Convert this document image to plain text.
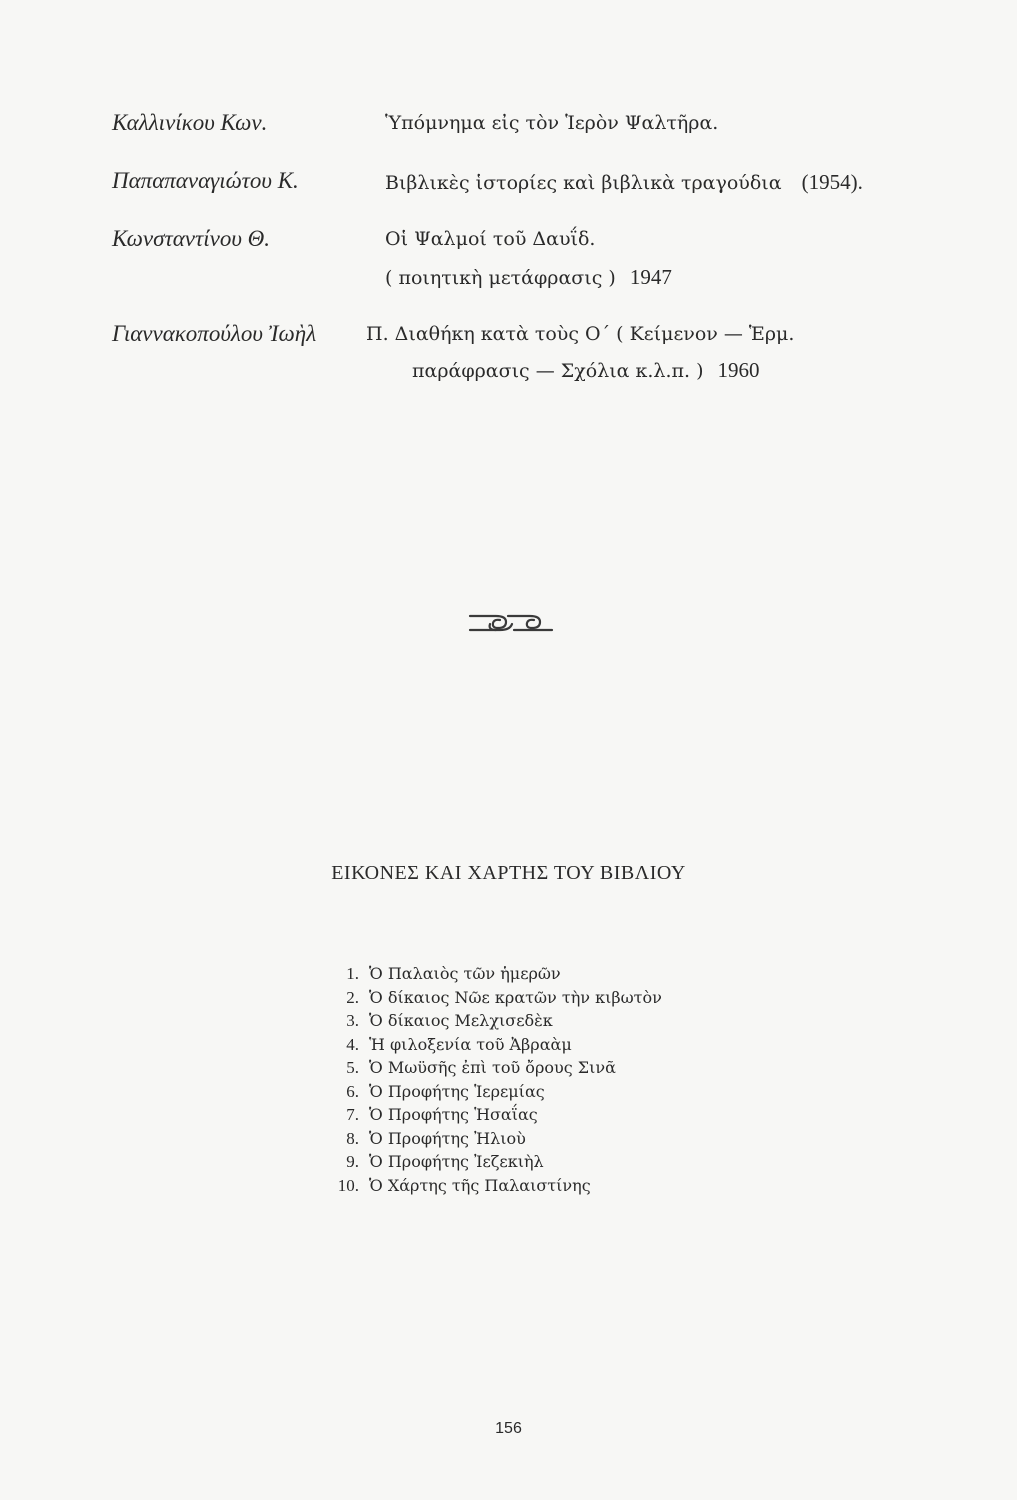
Καλλινίκου Κων.	Ὑπόμνημα εἰς τὸν Ἱερὸν Ψαλτῆρα.
Παπαπαναγιώτου Κ.	Βιβλικὲς ἱστορίες καὶ βιβλικὰ τραγούδια (1954).
Κωνσταντίνου Θ.	Οἱ Ψαλμοί τοῦ Δαυΐδ.
( ποιητικὴ μετάφρασις ) 1947
Γιαννακοπούλου Ἰωὴλ	Π. Διαθήκη κατὰ τοὺς Ο΄ ( Κείμενον — Ἑρμ.
παράφρασις — Σχόλια κ.λ.π. ) 1960
ΕΙΚΟΝΕΣ ΚΑΙ ΧΑΡΤΗΣ ΤΟΥ ΒΙΒΛΙΟΥ
1. Ὁ Παλαιὸς τῶν ἡμερῶν
2. Ὁ δίκαιος Νῶε κρατῶν τὴν κιβωτὸν
3. Ὁ δίκαιος Μελχισεδὲκ
4. Ἡ φιλοξενία τοῦ Ἀβραὰμ
5. Ὁ Μωϋσῆς ἐπὶ τοῦ ὄρους Σινᾶ
6. Ὁ Προφήτης Ἱερεμίας
7. Ὁ Προφήτης Ἡσαΐας
8. Ὁ Προφήτης Ἠλιοὺ
9. Ὁ Προφήτης Ἰεζεκιὴλ
10. Ὁ Χάρτης τῆς Παλαιστίνης
156
